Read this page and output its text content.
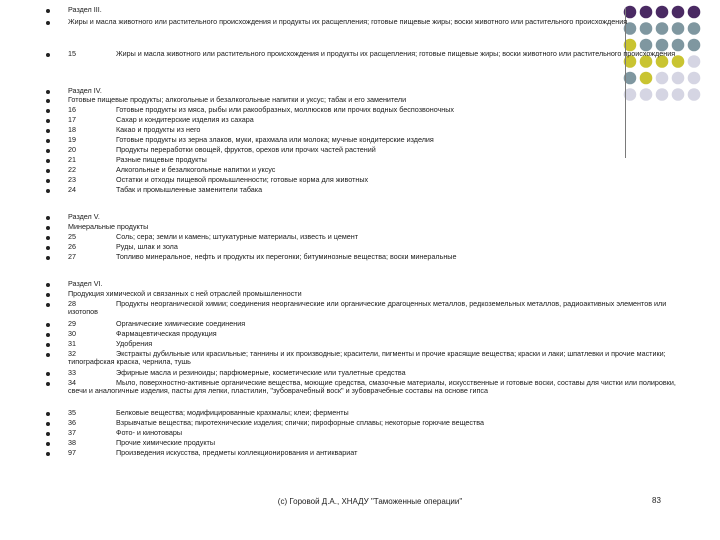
Раздел III.
Жиры и масла животного или растительного происхождения и продукты их расщепления; готовые пищевые жиры; воски животного или растительного происхождения
15	Жиры и масла животного или растительного происхождения и продукты их расщепления; готовые пищевые жиры; воски животного или растительного происхождения
Раздел IV.
Готовые пищевые продукты; алкогольные и безалкогольные напитки и уксус; табак и его заменители
16	Готовые продукты из мяса, рыбы или ракообразных, моллюсков или прочих водных беспозвоночных
17	Сахар и кондитерские изделия из сахара
18	Какао и продукты из него
19	Готовые продукты из зерна злаков, муки, крахмала или молока; мучные кондитерские изделия
20	Продукты переработки овощей, фруктов, орехов или прочих частей растений
21	Разные пищевые продукты
22	Алкогольные и безалкогольные напитки и уксус
23	Остатки и отходы пищевой промышленности; готовые корма для животных
24	Табак и промышленные заменители табака
Раздел V.
Минеральные продукты
25	Соль; сера; земли и камень; штукатурные материалы, известь и цемент
26	Руды, шлак и зола
27	Топливо минеральное, нефть и продукты их перегонки; битуминозные вещества; воски минеральные
Раздел VI.
Продукция химической и связанных с ней отраслей промышленности
28	Продукты неорганической химии; соединения неорганические или органические драгоценных металлов, редкоземельных металлов, радиоактивных элементов или изотопов
29	Органические химические соединения
30	Фармацевтическая продукция
31	Удобрения
32	Экстракты дубильные или красильные; таннины и их производные; красители, пигменты и прочие красящие вещества; краски и лаки; шпатлевки и прочие мастики; типографская краска, чернила, тушь
33	Эфирные масла и резиноиды; парфюмерные, косметические или туалетные средства
34	Мыло, поверхностно-активные органические вещества, моющие средства, смазочные материалы, искусственные и готовые воски, составы для чистки или полировки, свечи и аналогичные изделия, пасты для лепки, пластилин, "зубоврачебный воск" и зубоврачебные составы на основе гипса
35	Белковые вещества; модифицированные крахмалы; клеи; ферменты
36	Взрывчатые вещества; пиротехнические изделия; спички; пирофорные сплавы; некоторые горючие вещества
37	Фото- и кинотовары
38	Прочие химические продукты
97	Произведения искусства, предметы коллекционирования и антиквариат
(c) Горовой Д.А., ХНАДУ "Таможенные операции"	83
